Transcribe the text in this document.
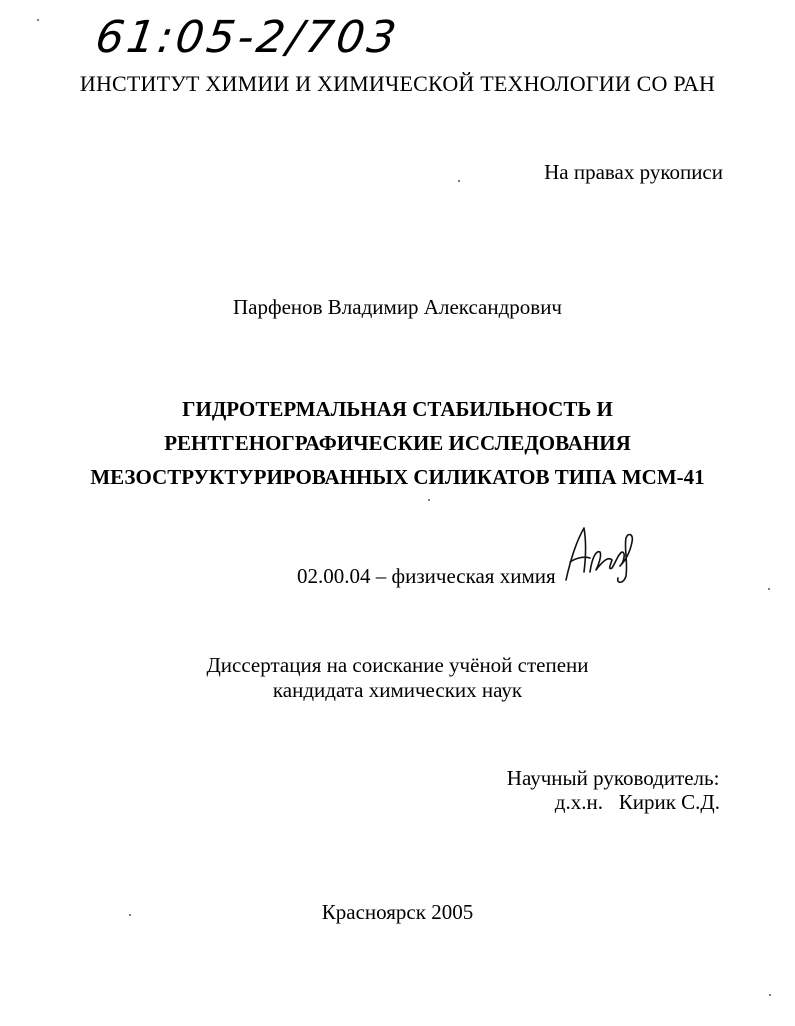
61:05-2/703
ИНСТИТУТ ХИМИИ И ХИМИЧЕСКОЙ ТЕХНОЛОГИИ СО РАН
На правах рукописи
Парфенов Владимир Александрович
ГИДРОТЕРМАЛЬНАЯ СТАБИЛЬНОСТЬ И
РЕНТГЕНОГРАФИЧЕСКИЕ ИССЛЕДОВАНИЯ
МЕЗОСТРУКТУРИРОВАННЫХ СИЛИКАТОВ ТИПА МСМ-41
02.00.04 – физическая химия
Диссертация на соискание учёной степени
кандидата химических наук
Научный руководитель:
д.х.н.   Кирик С.Д.
Красноярск 2005
